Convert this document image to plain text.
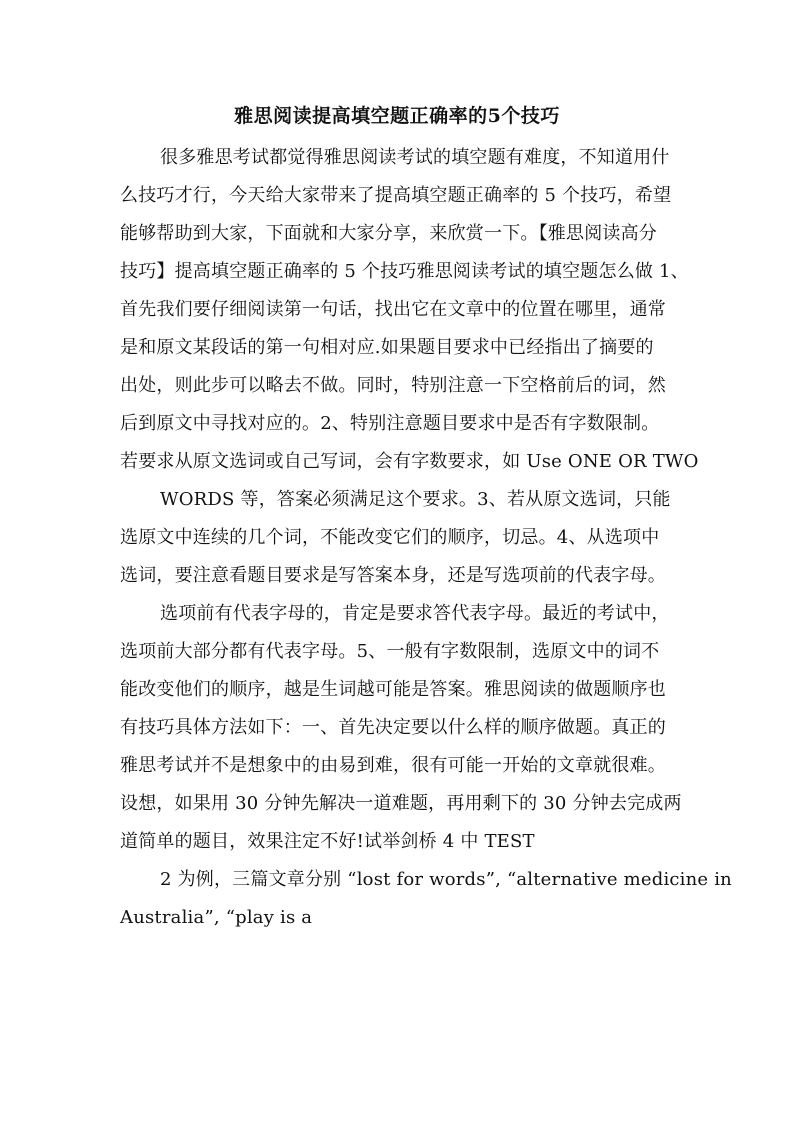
雅思阅读提高填空题正确率的5个技巧
很多雅思考试都觉得雅思阅读考试的填空题有难度，不知道用什
么技巧才行，今天给大家带来了提高填空题正确率的 5 个技巧，希望
能够帮助到大家，下面就和大家分享，来欣赏一下。【雅思阅读高分
技巧】提高填空题正确率的 5 个技巧雅思阅读考试的填空题怎么做 1、
首先我们要仔细阅读第一句话，找出它在文章中的位置在哪里，通常
是和原文某段话的第一句相对应.如果题目要求中已经指出了摘要的
出处，则此步可以略去不做。同时，特别注意一下空格前后的词，然
后到原文中寻找对应的。2、特别注意题目要求中是否有字数限制。
若要求从原文选词或自己写词，会有字数要求，如 Use ONE OR TWO
WORDS 等，答案必须满足这个要求。3、若从原文选词，只能
选原文中连续的几个词，不能改变它们的顺序，切忌。4、从选项中
选词，要注意看题目要求是写答案本身，还是写选项前的代表字母。
选项前有代表字母的，肯定是要求答代表字母。最近的考试中，
选项前大部分都有代表字母。5、一般有字数限制，选原文中的词不
能改变他们的顺序，越是生词越可能是答案。雅思阅读的做题顺序也
有技巧具体方法如下：一、首先决定要以什么样的顺序做题。真正的
雅思考试并不是想象中的由易到难，很有可能一开始的文章就很难。
设想，如果用 30 分钟先解决一道难题，再用剩下的 30 分钟去完成两
道简单的题目，效果注定不好!试举剑桥 4 中 TEST
2 为例，三篇文章分别 “lost for words”, “alternative medicine in
Australia”, “play is a
